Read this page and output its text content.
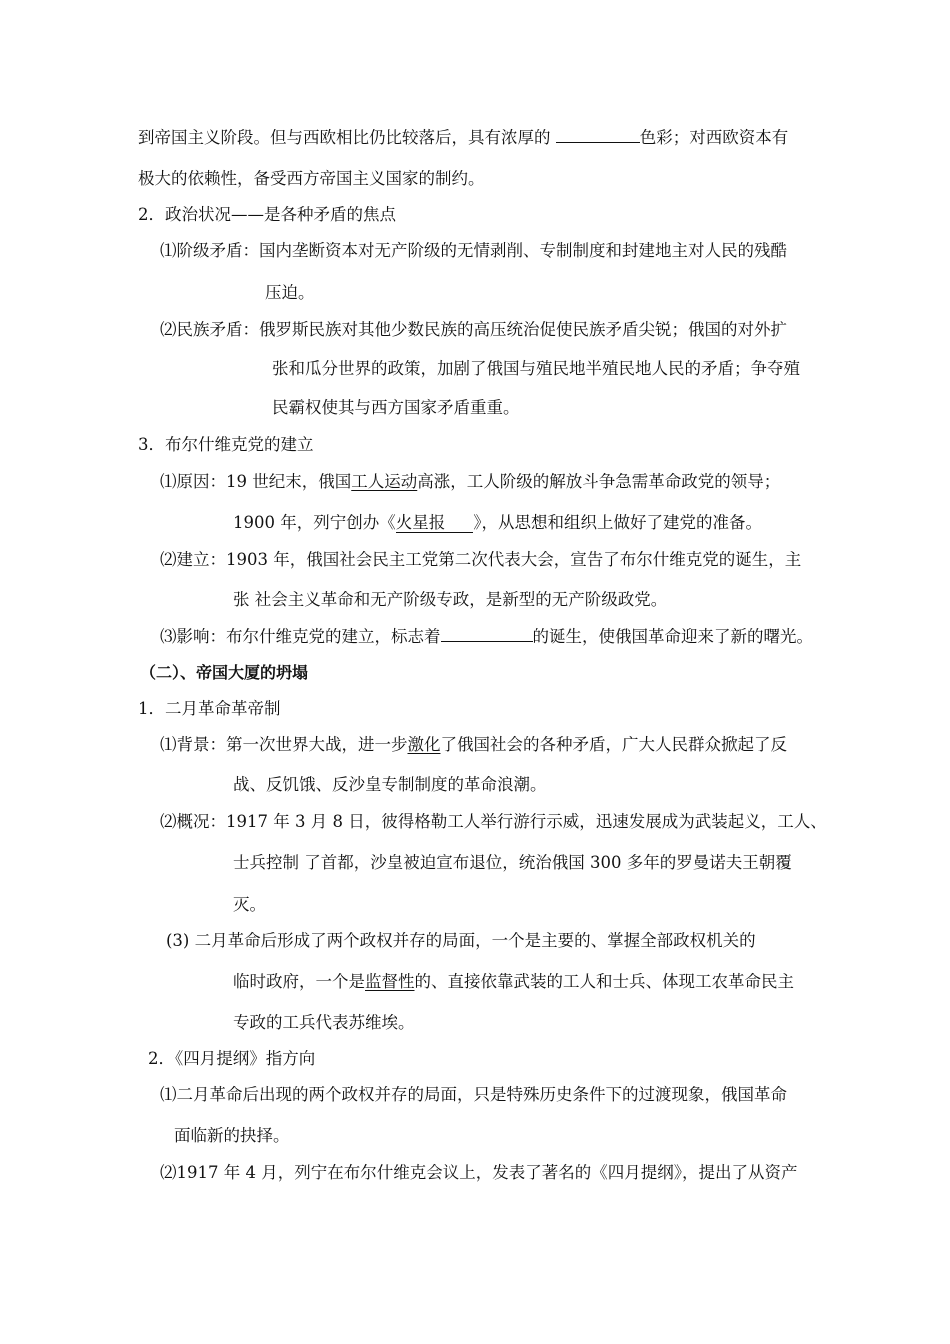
到帝国主义阶段。但与西欧相比仍比较落后，具有浓厚的	色彩；对西欧资本有
极大的依赖性，备受西方帝国主义国家的制约。
2．政治状况——是各种矛盾的焦点
⑴阶级矛盾：国内垄断资本对无产阶级的无情剥削、专制制度和封建地主对人民的残酷
压迫。
⑵民族矛盾：俄罗斯民族对其他少数民族的高压统治促使民族矛盾尖锐；俄国的对外扩
张和瓜分世界的政策，加剧了俄国与殖民地半殖民地人民的矛盾；争夺殖
民霸权使其与西方国家矛盾重重。
3．布尔什维克党的建立
⑴原因：19 世纪末，俄国工人运动高涨，工人阶级的解放斗争急需革命政党的领导；
1900 年，列宁创办《火星报 》，从思想和组织上做好了建党的准备。
⑵建立：1903 年，俄国社会民主工党第二次代表大会，宣告了布尔什维克党的诞生，主
张 社会主义革命和无产阶级专政，是新型的无产阶级政党。
⑶影响：布尔什维克党的建立，标志着	的诞生，使俄国革命迎来了新的曙光。
（二）、帝国大厦的坍塌
1．二月革命革帝制
⑴背景：第一次世界大战，进一步激化了俄国社会的各种矛盾，广大人民群众掀起了反
战、反饥饿、反沙皇专制制度的革命浪潮。
⑵概况：1917 年 3 月 8 日，彼得格勒工人举行游行示威，迅速发展成为武装起义，工人、
士兵控制 了首都，沙皇被迫宣布退位，统治俄国 300 多年的罗曼诺夫王朝覆
灭。
(3) 二月革命后形成了两个政权并存的局面，一个是主要的、掌握全部政权机关的
临时政府，一个是监督性的、直接依靠武装的工人和士兵、体现工农革命民主
专政的工兵代表苏维埃。
2．《四月提纲》指方向
⑴二月革命后出现的两个政权并存的局面，只是特殊历史条件下的过渡现象，俄国革命
面临新的抉择。
⑵1917 年 4 月，列宁在布尔什维克会议上，发表了著名的《四月提纲》，提出了从资产
